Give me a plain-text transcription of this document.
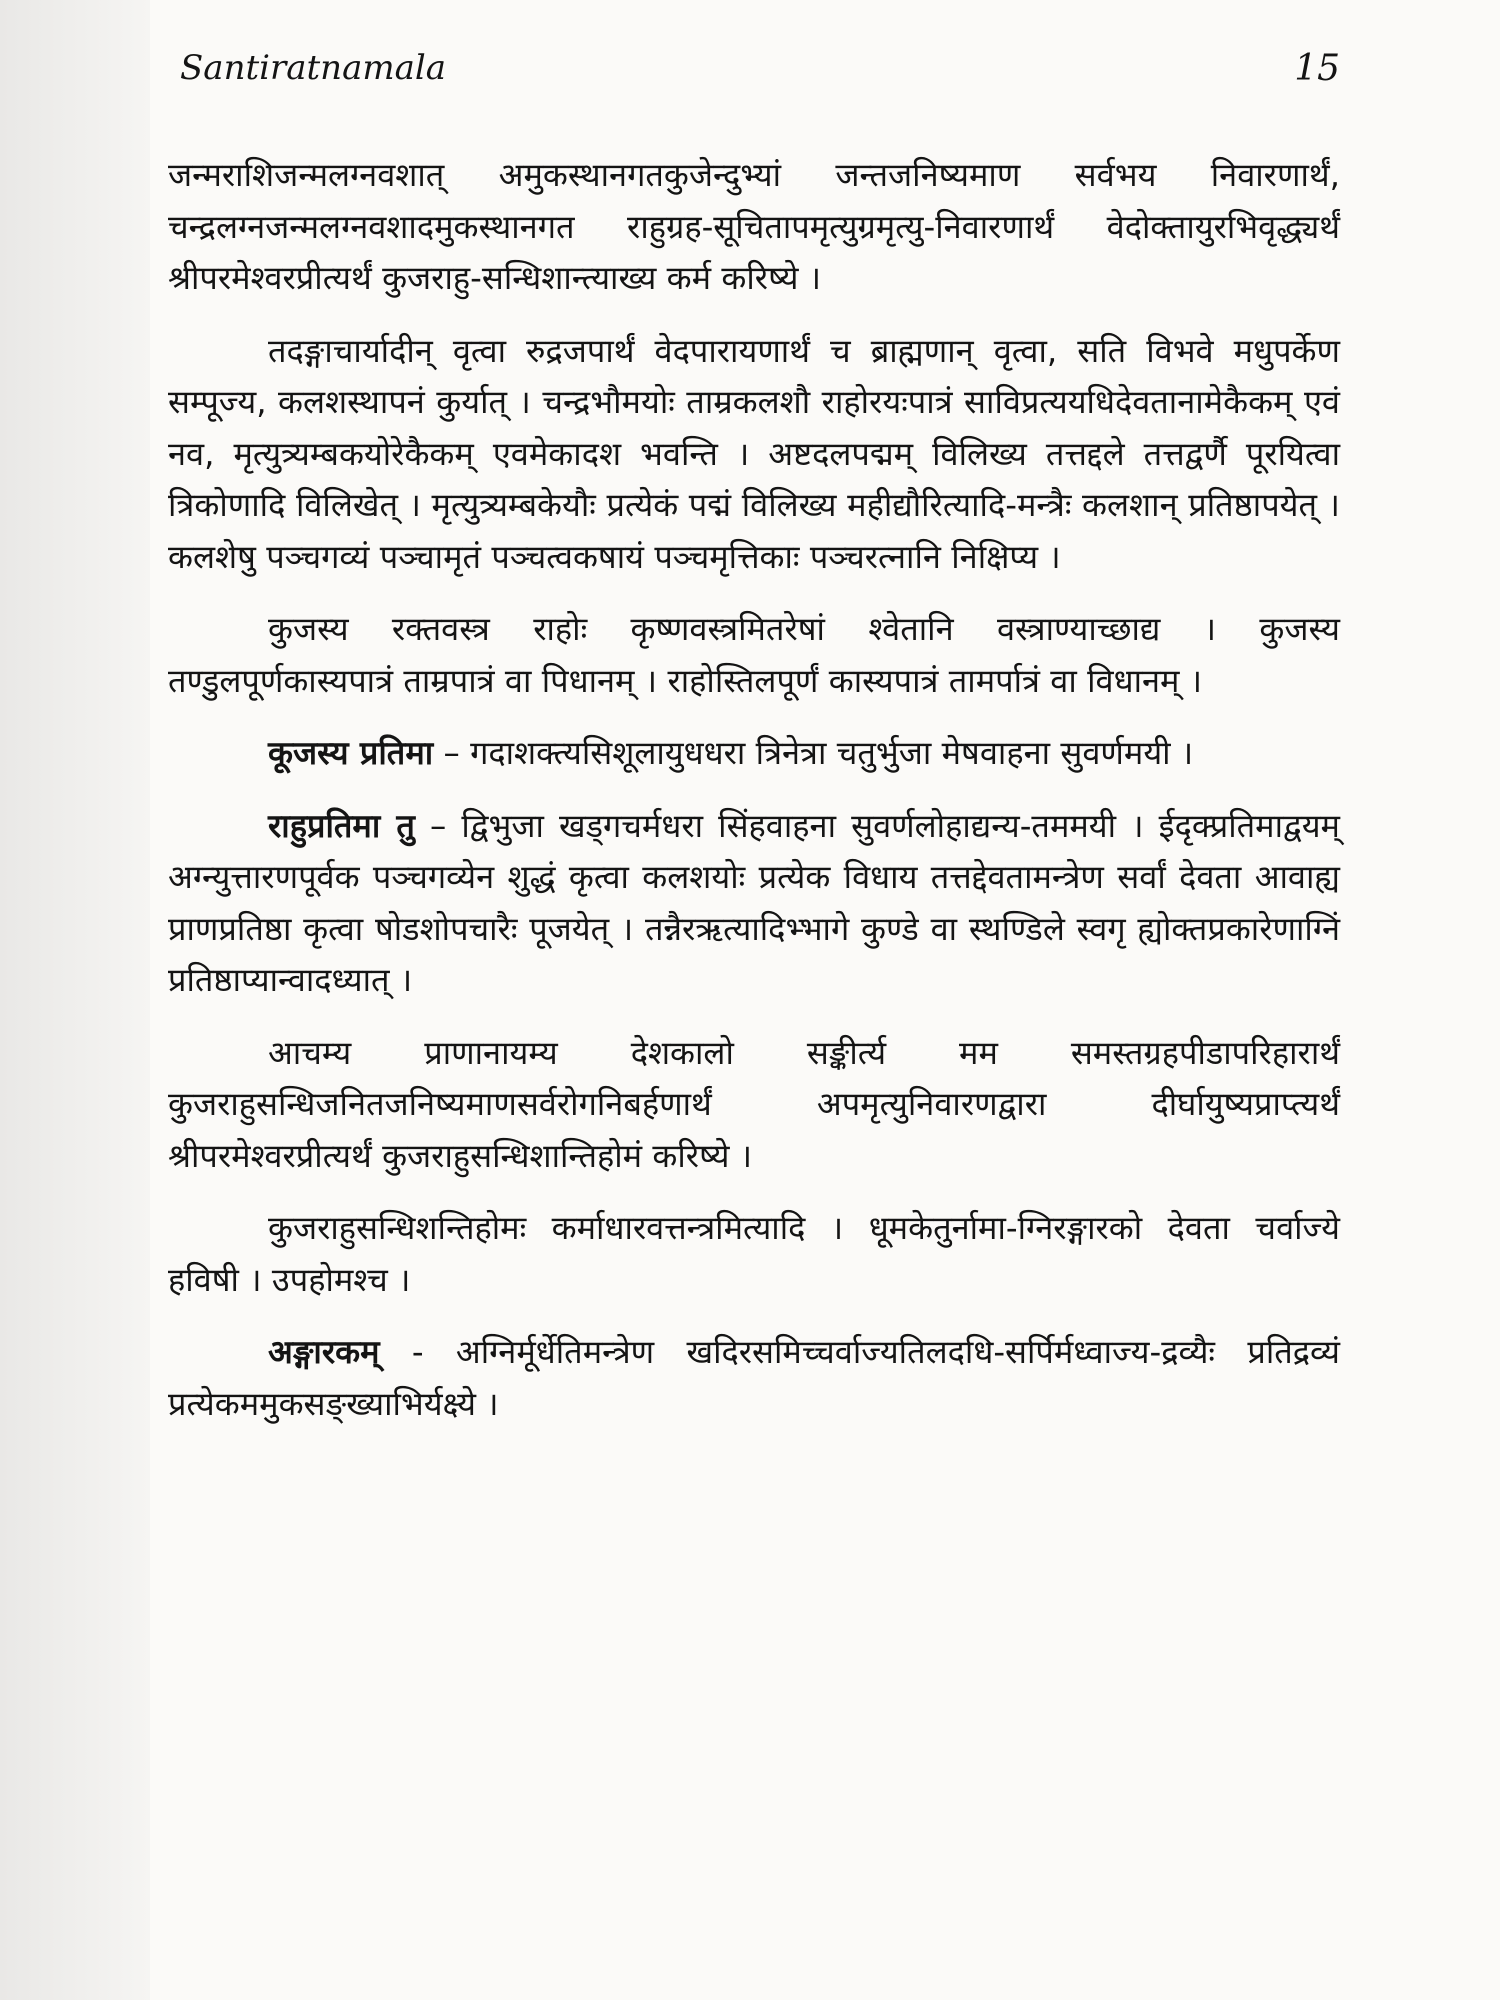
Santiratnamala	15

जन्मराशिजन्मलग्नवशात् अमुकस्थानगतकुजेन्दुभ्यां जन्तजनिष्यमाण सर्वभय निवारणार्थं, चन्द्रलग्नजन्मलग्नवशादमुकस्थानगत राहुग्रह-सूचितापमृत्युग्रमृत्यु-निवारणार्थं वेदोक्तायुरभिवृद्ध्यर्थं श्रीपरमेश्वरप्रीत्यर्थं कुजराहु-सन्धिशान्त्याख्य कर्म करिष्ये ।

तदङ्गाचार्यादीन् वृत्वा रुद्रजपार्थं वेदपारायणार्थं च ब्राह्मणान् वृत्वा, सति विभवे मधुपर्केण सम्पूज्य, कलशस्थापनं कुर्यात् । चन्द्रभौमयोः ताम्रकलशौ राहोरयःपात्रं साविप्रत्ययधिदेवतानामेकैकम् एवं नव, मृत्युत्र्यम्बकयोरेकैकम् एवमेकादश भवन्ति । अष्टदलपद्मम् विलिख्य तत्तद्दले तत्तद्वर्णै पूरयित्वा त्रिकोणादि विलिखेत् । मृत्युत्र्यम्बकेयौः प्रत्येकं पद्मं विलिख्य महीद्यौरित्यादि-मन्त्रैः कलशान् प्रतिष्ठापयेत् । कलशेषु पञ्चगव्यं पञ्चामृतं पञ्चत्वकषायं पञ्चमृत्तिकाः पञ्चरत्नानि निक्षिप्य ।

कुजस्य रक्तवस्त्र राहोः कृष्णवस्त्रमितरेषां श्वेतानि वस्त्राण्याच्छाद्य । कुजस्य तण्डुलपूर्णकास्यपात्रं ताम्रपात्रं वा पिधानम् । राहोस्तिलपूर्णं कास्यपात्रं तामर्पात्रं वा विधानम् ।

कूजस्य प्रतिमा – गदाशक्त्यसिशूलायुधधरा त्रिनेत्रा चतुर्भुजा मेषवाहना सुवर्णमयी ।

राहुप्रतिमा तु – द्विभुजा खड्गचर्मधरा सिंहवाहना सुवर्णलोहाद्यन्य-तममयी । ईदृक्प्रतिमाद्वयम् अग्न्युत्तारणपूर्वक पञ्चगव्येन शुद्धं कृत्वा कलशयोः प्रत्येक विधाय तत्तद्देवतामन्त्रेण सर्वां देवता आवाह्य प्राणप्रतिष्ठा कृत्वा षोडशोपचारैः पूजयेत् । तन्नैरऋत्यादिभ्भागे कुण्डे वा स्थण्डिले स्वगृ ह्योक्तप्रकारेणाग्निं प्रतिष्ठाप्यान्वादध्यात् ।

आचम्य प्राणानायम्य देशकालो सङ्कीर्त्य मम समस्तग्रहपीडापरिहारार्थं कुजराहुसन्धिजनितजनिष्यमाणसर्वरोगनिबर्हणार्थं अपमृत्युनिवारणद्वारा दीर्घायुष्यप्राप्त्यर्थं श्रीपरमेश्वरप्रीत्यर्थं कुजराहुसन्धिशान्तिहोमं करिष्ये ।

कुजराहुसन्धिशन्तिहोमः कर्माधारवत्तन्त्रमित्यादि । धूमकेतुर्नामा-ग्निरङ्गारको देवता चर्वाज्ये हविषी । उपहोमश्च ।

अङ्गारकम् - अग्निर्मूर्धेतिमन्त्रेण खदिरसमिच्चर्वाज्यतिलदधि-सर्पिर्मध्वाज्य-द्रव्यैः प्रतिद्रव्यं प्रत्येकममुकसङ्ख्याभिर्यक्ष्ये ।
